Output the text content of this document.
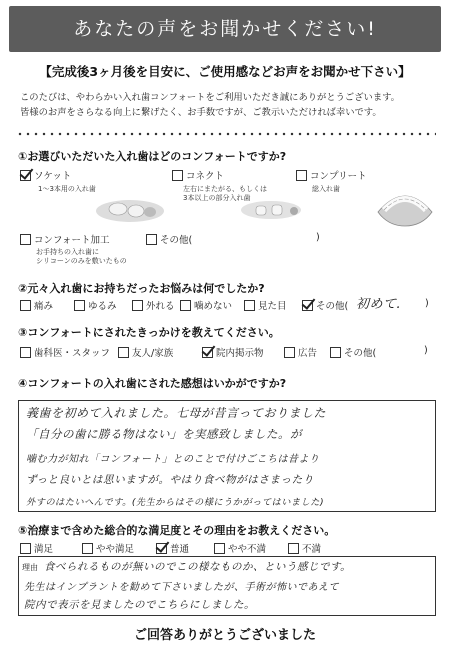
あなたの声をお聞かせください!
【完成後3ヶ月後を目安に、ご使用感などお声をお聞かせ下さい】
このたびは、やわらかい入れ歯コンフォートをご利用いただき誠にありがとうございます。
皆様のお声をさらなる向上に繋げたく、お手数ですが、ご教示いただければ幸いです。
①お選びいただいた入れ歯はどのコンフォートですか?
ソケット
1〜3本用の入れ歯
コネクト
左右にまたがる、もしくは
3本以上の部分入れ歯
コンプリート
総入れ歯
コンフォート加工
お手持ちの入れ歯に
シリコーンのみを敷いたもの
その他(	)
②元々入れ歯にお持ちだったお悩みは何でしたか?
痛み	ゆるみ	外れる 噛めない	見た目	その他( 初めて.	)
③コンフォートにされたきっかけを教えてください。
歯科医・スタッフ 友人/家族	院内掲示物	広告	その他(	)
④コンフォートの入れ歯にされた感想はいかがですか?
義歯を初めて入れました。七母が昔言っておりました
「自分の歯に勝る物はない」を実感致しました。が
噛む力が知れ「コンフォート」とのことで付けごこちは昔より
ずっと良いとは思いますが。やはり食べ物がはさまったり
外すのはたいへんです。(先生からはその様にうかがってはいました)
⑤治療まで含めた総合的な満足度とその理由をお教えください。
満足	やや満足	普通	やや不満	不満
理由 食べられるものが無いのでこの様なものか、という感じです。
先生はインプラントを勧めて下さいましたが、手術が怖いであえて
院内で表示を見ましたのでこちらにしました。
ご回答ありがとうございました
